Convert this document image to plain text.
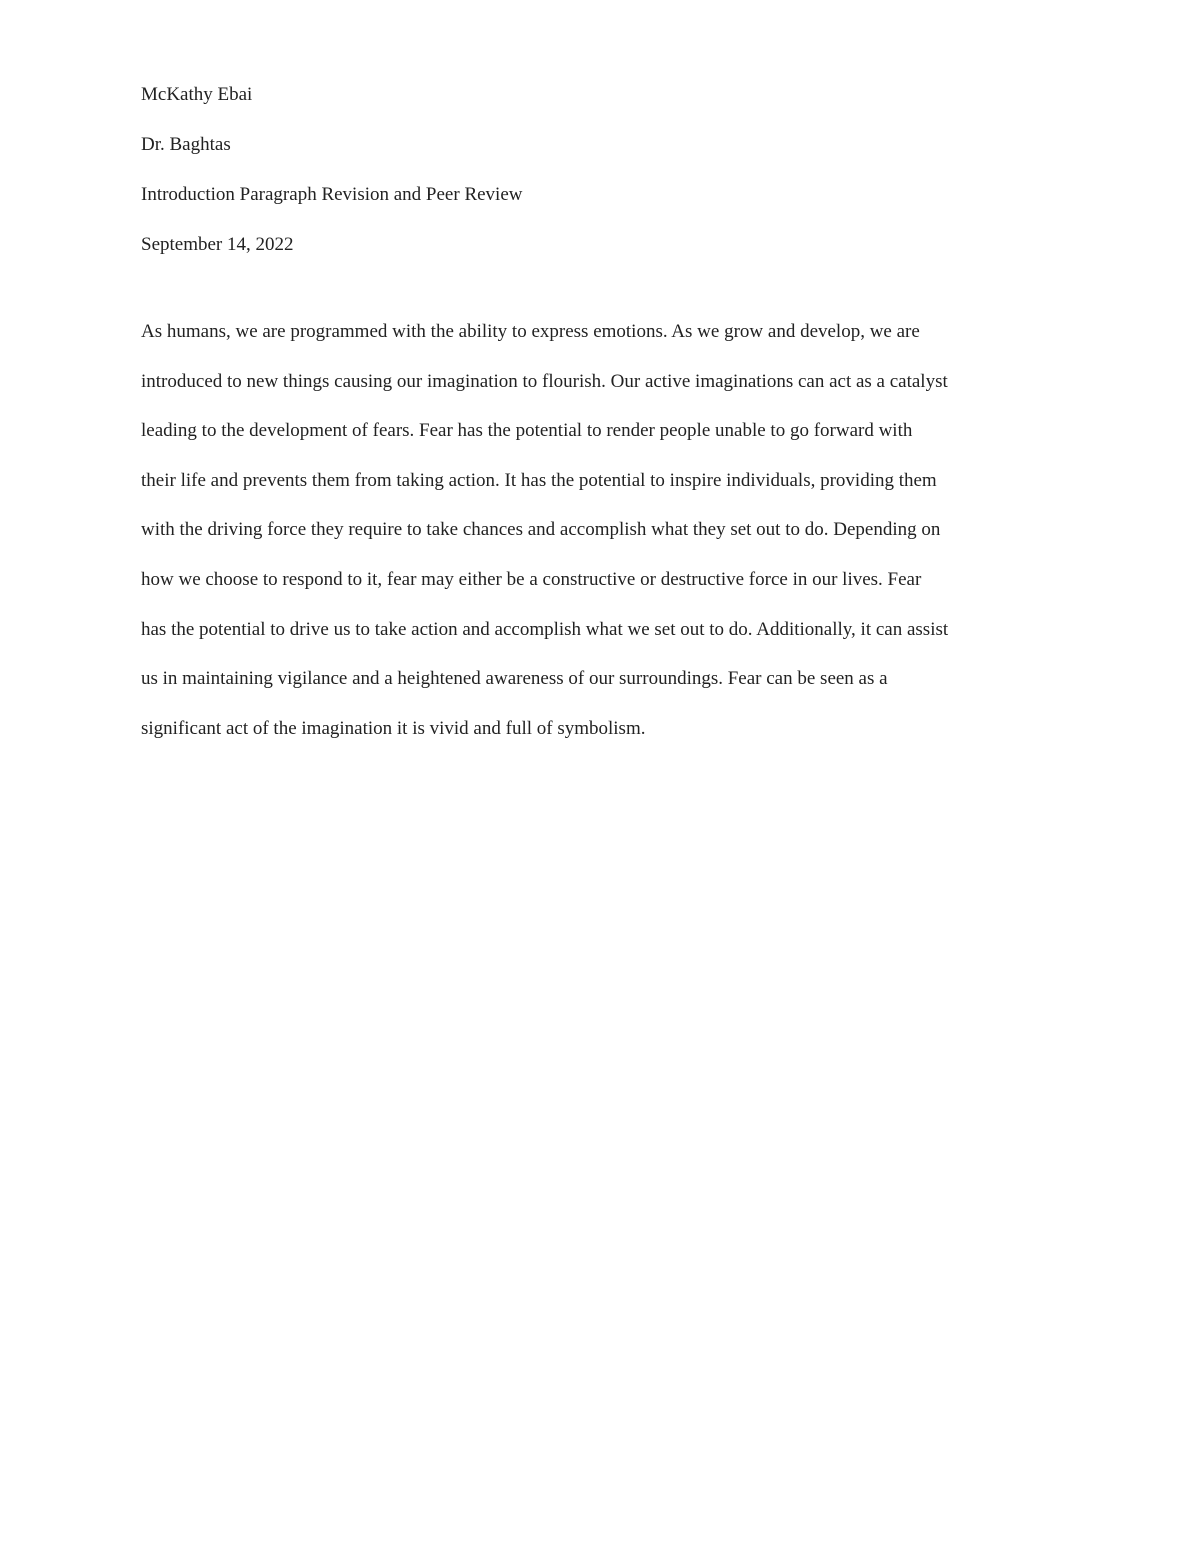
McKathy Ebai
Dr. Baghtas
Introduction Paragraph Revision and Peer Review
September 14, 2022
As humans, we are programmed with the ability to express emotions. As we grow and develop, we are
introduced to new things causing our imagination to flourish. Our active imaginations can act as a catalyst
leading to the development of fears. Fear has the potential to render people unable to go forward with
their life and prevents them from taking action. It has the potential to inspire individuals, providing them
with the driving force they require to take chances and accomplish what they set out to do. Depending on
how we choose to respond to it, fear may either be a constructive or destructive force in our lives. Fear
has the potential to drive us to take action and accomplish what we set out to do. Additionally, it can assist
us in maintaining vigilance and a heightened awareness of our surroundings. Fear can be seen as a
significant act of the imagination it is vivid and full of symbolism.
